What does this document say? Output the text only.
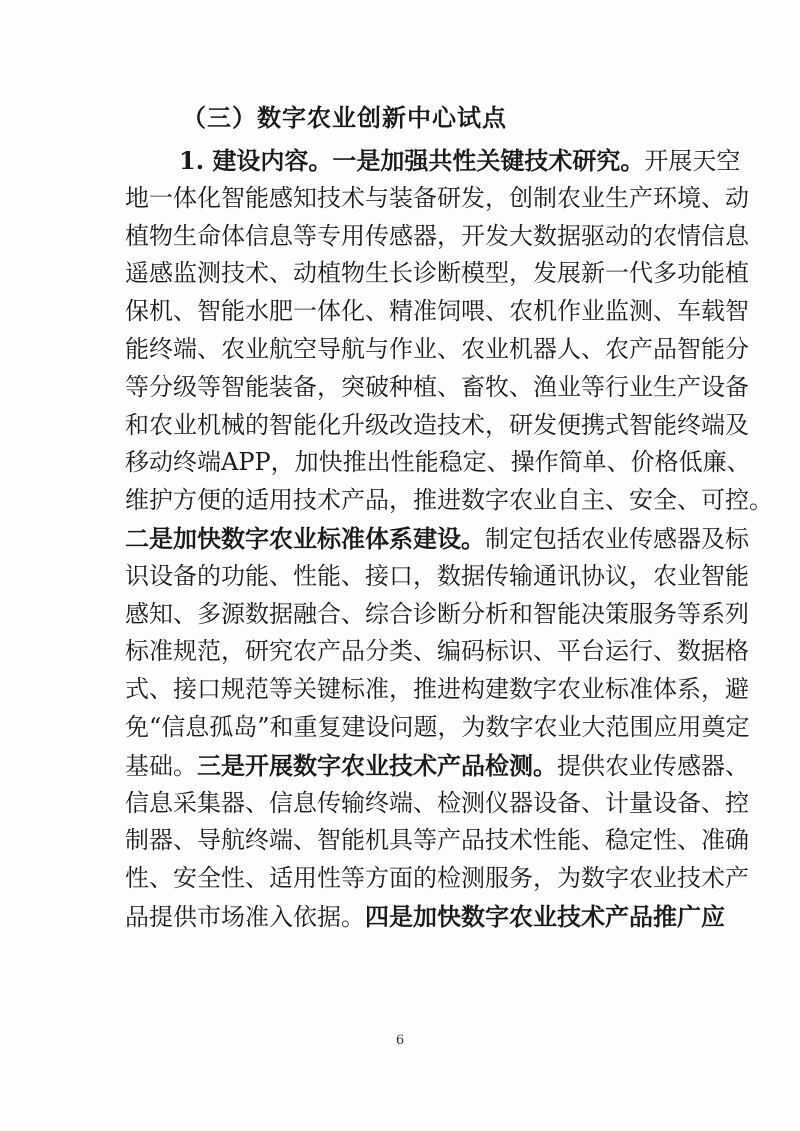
（三）数字农业创新中心试点
1. 建设内容。一是加强共性关键技术研究。开展天空
地一体化智能感知技术与装备研发，创制农业生产环境、动
植物生命体信息等专用传感器，开发大数据驱动的农情信息
遥感监测技术、动植物生长诊断模型，发展新一代多功能植
保机、智能水肥一体化、精准饲喂、农机作业监测、车载智
能终端、农业航空导航与作业、农业机器人、农产品智能分
等分级等智能装备，突破种植、畜牧、渔业等行业生产设备
和农业机械的智能化升级改造技术，研发便携式智能终端及
移动终端APP，加快推出性能稳定、操作简单、价格低廉、
维护方便的适用技术产品，推进数字农业自主、安全、可控。
二是加快数字农业标准体系建设。制定包括农业传感器及标
识设备的功能、性能、接口，数据传输通讯协议，农业智能
感知、多源数据融合、综合诊断分析和智能决策服务等系列
标准规范，研究农产品分类、编码标识、平台运行、数据格
式、接口规范等关键标准，推进构建数字农业标准体系，避
免“信息孤岛”和重复建设问题，为数字农业大范围应用奠定
基础。三是开展数字农业技术产品检测。提供农业传感器、
信息采集器、信息传输终端、检测仪器设备、计量设备、控
制器、导航终端、智能机具等产品技术性能、稳定性、准确
性、安全性、适用性等方面的检测服务，为数字农业技术产
品提供市场准入依据。四是加快数字农业技术产品推广应
6
